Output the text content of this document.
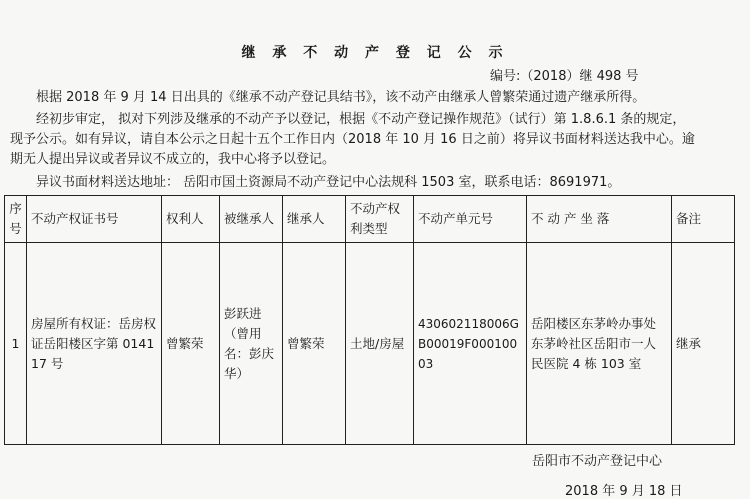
继 承 不 动 产 登 记 公 示
编号:（2018）继 498 号
根据 2018 年 9 月 14 日出具的《继承不动产登记具结书》，该不动产由继承人曾繁荣通过遗产继承所得。
经初步审定， 拟对下列涉及继承的不动产予以登记，根据《不动产登记操作规范》（试行）第 1.8.6.1 条的规定，
现予公示。如有异议，请自本公示之日起十五个工作日内（2018 年 10 月 16 日之前）将异议书面材料送达我中心。逾
期无人提出异议或者异议不成立的，我中心将予以登记。
异议书面材料送达地址： 岳阳市国土资源局不动产登记中心法规科 1503 室，联系电话：8691971。
序号	不动产权证书号	权利人	被继承人	继承人	不动产权利类型	不动产单元号	不 动 产 坐 落	备注
1	房屋所有权证：岳房权证岳阳楼区字第 014117 号	曾繁荣	彭跃进（曾用名：彭庆华）	曾繁荣	土地/房屋	430602118006GB00019F00010003	岳阳楼区东茅岭办事处东茅岭社区岳阳市一人民医院 4 栋 103 室	继承
岳阳市不动产登记中心
2018 年 9 月 18 日
